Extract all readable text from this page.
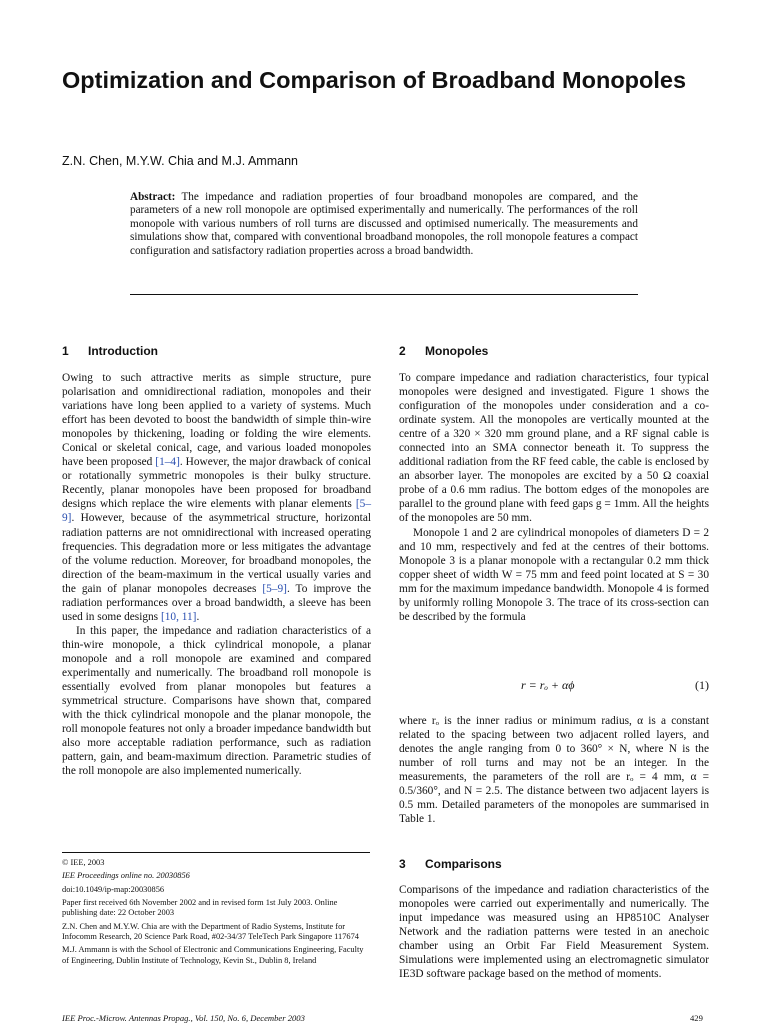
Optimization and Comparison of Broadband Monopoles
Z.N. Chen, M.Y.W. Chia and M.J. Ammann
Abstract: The impedance and radiation properties of four broadband monopoles are compared, and the parameters of a new roll monopole are optimised experimentally and numerically. The performances of the roll monopole with various numbers of roll turns are discussed and optimised numerically. The measurements and simulations show that, compared with conventional broadband monopoles, the roll monopole features a compact configuration and satisfactory radiation properties across a broad bandwidth.
1 Introduction

Owing to such attractive merits as simple structure, pure polarisation and omnidirectional radiation, monopoles and their variations have long been applied to a variety of systems. Much effort has been devoted to boost the bandwidth of simple thin-wire monopoles by thickening, loading or folding the wire elements. Conical or skeletal conical, cage, and various loaded monopoles have been proposed [1–4]. However, the major drawback of conical or rotationally symmetric monopoles is their bulky structure. Recently, planar monopoles have been proposed for broadband designs which replace the wire elements with planar elements [5–9]. However, because of the asymmetrical structure, horizontal radiation patterns are not omnidirectional with increased operating frequencies. This degradation more or less mitigates the advantage of the volume reduction. Moreover, for broadband monopoles, the direction of the beam-maximum in the vertical usually varies and the gain of planar monopoles decreases [5–9]. To improve the radiation performances over a broad bandwidth, a sleeve has been used in some designs [10, 11].

In this paper, the impedance and radiation characteristics of a thin-wire monopole, a thick cylindrical monopole, a planar monopole and a roll monopole are examined and compared experimentally and numerically. The broadband roll monopole is essentially evolved from planar monopoles but features a symmetrical structure. Comparisons have shown that, compared with the thick cylindrical monopole and the planar monopole, the roll monopole features not only a broader impedance bandwidth but also more acceptable radiation performance, such as radiation pattern, gain, and beam-maximum direction. Parametric studies of the roll monopole are also implemented numerically.

2 Monopoles

To compare impedance and radiation characteristics, four typical monopoles were designed and investigated. Figure 1 shows the configuration of the monopoles under consideration and a co-ordinate system. All the monopoles are vertically mounted at the centre of a 320 × 320 mm ground plane, and a RF signal cable is connected into an SMA connector beneath it. To suppress the additional radiation from the RF feed cable, the cable is enclosed by an absorber layer. The monopoles are excited by a 50 Ω coaxial probe of a 0.6 mm radius. The bottom edges of the monopoles are parallel to the ground plane with feed gaps g = 1mm. All the heights of the monopoles are 50 mm.

Monopole 1 and 2 are cylindrical monopoles of diameters D = 2 and 10 mm, respectively and fed at the centres of their bottoms. Monopole 3 is a planar monopole with a rectangular 0.2 mm thick copper sheet of width W = 75 mm and feed point located at S = 30 mm for the maximum impedance bandwidth. Monopole 4 is formed by uniformly rolling Monopole 3. The trace of its cross-section can be described by the formula

r = rₒ + αϕ	(1)

where rₒ is the inner radius or minimum radius, α is a constant related to the spacing between two adjacent rolled layers, and denotes the angle ranging from 0 to 360° × N, where N is the number of roll turns and may not be an integer. In the measurements, the parameters of the roll are rₒ = 4 mm, α = 0.5/360°, and N = 2.5. The distance between two adjacent layers is 0.5 mm. Detailed parameters of the monopoles are summarised in Table 1.

3 Comparisons

Comparisons of the impedance and radiation characteristics of the monopoles were carried out experimentally and numerically. The input impedance was measured using an HP8510C Analyser Network and the radiation patterns were tested in an anechoic chamber using an Orbit Far Field Measurement System. Simulations were implemented using an electromagnetic simulator IE3D software package based on the method of moments.

© IEE, 2003
IEE Proceedings online no. 20030856
doi:10.1049/ip-map:20030856
Paper first received 6th November 2002 and in revised form 1st July 2003. Online publishing date: 22 October 2003
Z.N. Chen and M.Y.W. Chia are with the Department of Radio Systems, Institute for Infocomm Research, 20 Science Park Road, #02-34/37 TeleTech Park Singapore 117674
M.J. Ammann is with the School of Electronic and Communications Engineering, Faculty of Engineering, Dublin Institute of Technology, Kevin St., Dublin 8, Ireland
IEE Proc.-Microw. Antennas Propag., Vol. 150, No. 6, December 2003	429
